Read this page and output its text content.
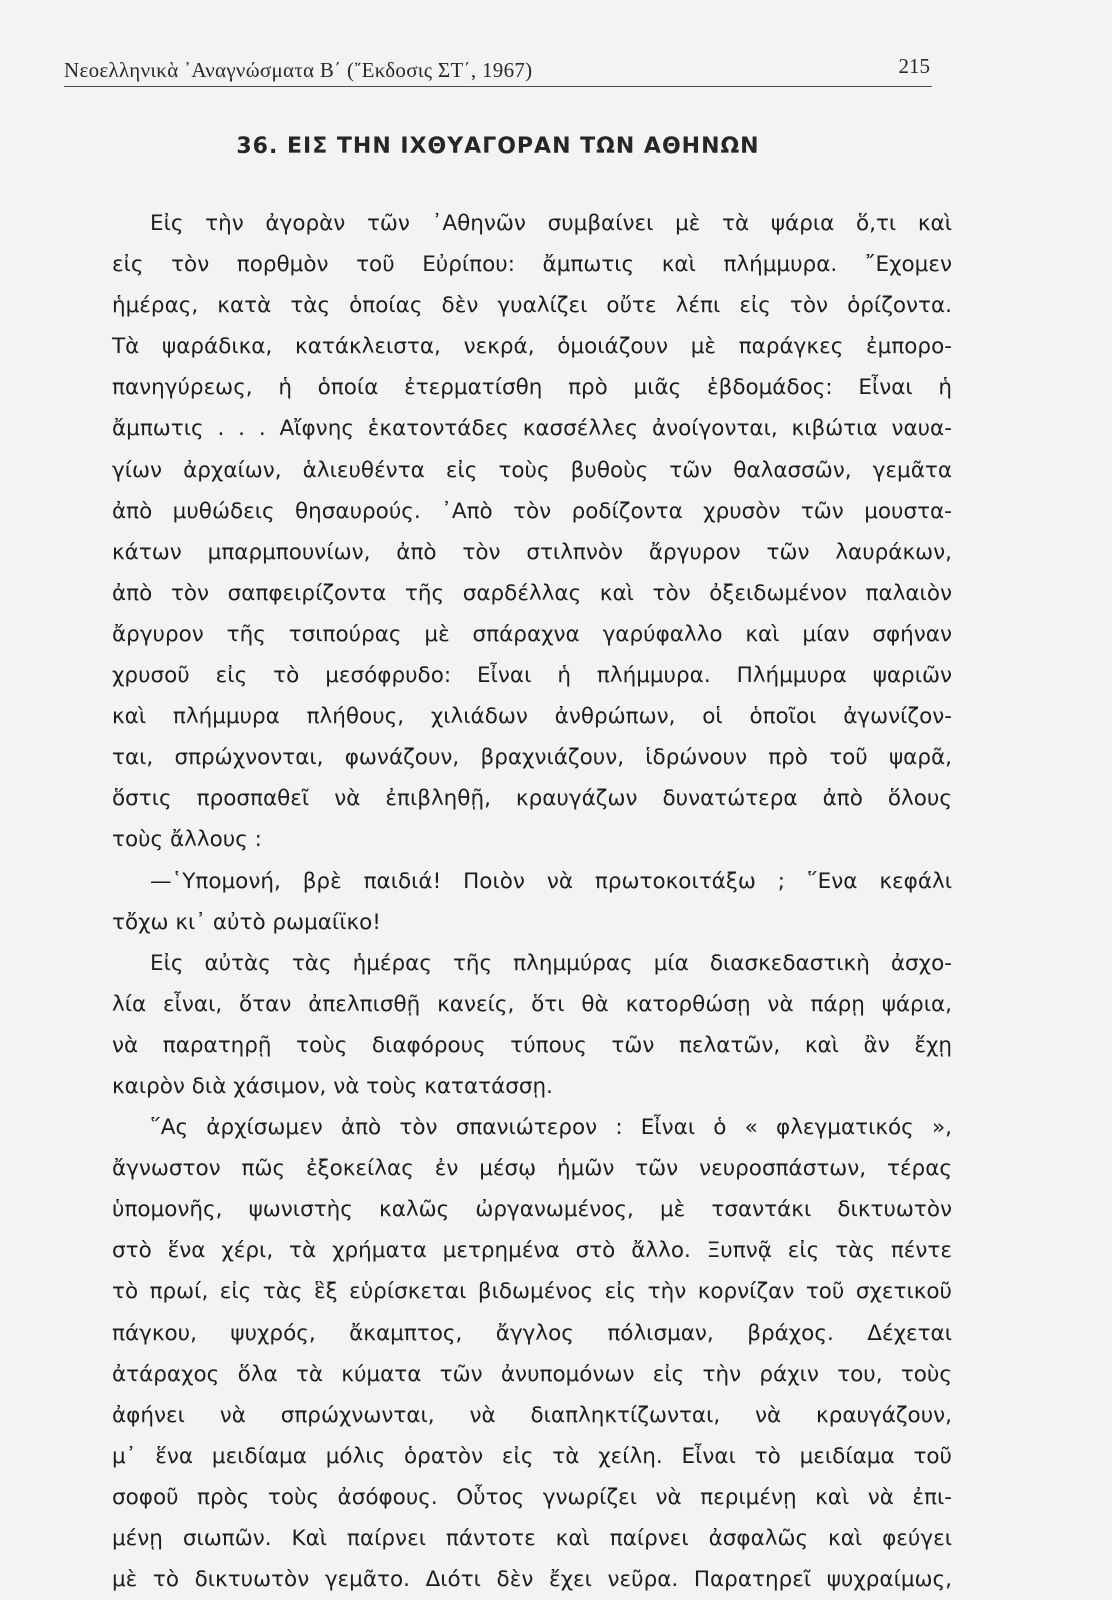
Νεοελληνικὰ ᾿Αναγνώσματα Β΄ (῎Εκδοσις ΣΤ΄, 1967)	215
36. ΕΙΣ ΤΗΝ ΙΧΘΥΑΓΟΡΑΝ ΤΩΝ ΑΘΗΝΩΝ
Εἰς τὴν ἀγορὰν τῶν ᾿Αθηνῶν συμβαίνει μὲ τὰ ψάρια ὅ,τι καὶ
εἰς τὸν πορθμὸν τοῦ Εὐρίπου: ἄμπωτις καὶ πλήμμυρα. ῎Εχομεν
ἡμέρας, κατὰ τὰς ὁποίας δὲν γυαλίζει οὔτε λέπι εἰς τὸν ὁρίζοντα.
Τὰ ψαράδικα, κατάκλειστα, νεκρά, ὁμοιάζουν μὲ παράγκες ἐμπορο-
πανηγύρεως, ἡ ὁποία ἐτερματίσθη πρὸ μιᾶς ἑβδομάδος: Εἶναι ἡ
ἄμπωτις . . . Αἴφνης ἑκατοντάδες κασσέλλες ἀνοίγονται, κιβώτια ναυα-
γίων ἀρχαίων, ἁλιευθέντα εἰς τοὺς βυθοὺς τῶν θαλασσῶν, γεμᾶτα
ἀπὸ μυθώδεις θησαυρούς. ᾿Απὸ τὸν ροδίζοντα χρυσὸν τῶν μουστα-
κάτων μπαρμπουνίων, ἀπὸ τὸν στιλπνὸν ἄργυρον τῶν λαυράκων,
ἀπὸ τὸν σαπφειρίζοντα τῆς σαρδέλλας καὶ τὸν ὀξειδωμένον παλαιὸν
ἄργυρον τῆς τσιπούρας μὲ σπάραχνα γαρύφαλλο καὶ μίαν σφήναν
χρυσοῦ εἰς τὸ μεσόφρυδο: Εἶναι ἡ πλήμμυρα. Πλήμμυρα ψαριῶν
καὶ πλήμμυρα πλήθους, χιλιάδων ἀνθρώπων, οἱ ὁποῖοι ἀγωνίζον-
ται, σπρώχνονται, φωνάζουν, βραχνιάζουν, ἱδρώνουν πρὸ τοῦ ψαρᾶ,
ὅστις προσπαθεῖ νὰ ἐπιβληθῇ, κραυγάζων δυνατώτερα ἀπὸ ὅλους
τοὺς ἄλλους :
—῾Υπομονή, βρὲ παιδιά! Ποιὸν νὰ πρωτοκοιτάξω ; ῞Ενα κεφάλι
τὄχω κι᾿ αὐτὸ ρωμαίϊκο!
Εἰς αὐτὰς τὰς ἡμέρας τῆς πλημμύρας μία διασκεδαστικὴ ἀσχο-
λία εἶναι, ὅταν ἀπελπισθῇ κανείς, ὅτι θὰ κατορθώσῃ νὰ πάρῃ ψάρια,
νὰ παρατηρῇ τοὺς διαφόρους τύπους τῶν πελατῶν, καὶ ἂν ἔχῃ
καιρὸν διὰ χάσιμον, νὰ τοὺς κατατάσσῃ.
῞Ας ἀρχίσωμεν ἀπὸ τὸν σπανιώτερον : Εἶναι ὁ « φλεγματικός »,
ἄγνωστον πῶς ἐξοκείλας ἐν μέσῳ ἡμῶν τῶν νευροσπάστων, τέρας
ὑπομονῆς, ψωνιστὴς καλῶς ὠργανωμένος, μὲ τσαντάκι δικτυωτὸν
στὸ ἕνα χέρι, τὰ χρήματα μετρημένα στὸ ἄλλο. Ξυπνᾷ εἰς τὰς πέντε
τὸ πρωί, εἰς τὰς ἓξ εὑρίσκεται βιδωμένος εἰς τὴν κορνίζαν τοῦ σχετικοῦ
πάγκου, ψυχρός, ἄκαμπτος, ἄγγλος πόλισμαν, βράχος. Δέχεται
ἀτάραχος ὅλα τὰ κύματα τῶν ἀνυπομόνων εἰς τὴν ράχιν του, τοὺς
ἀφήνει νὰ σπρώχνωνται, νὰ διαπληκτίζωνται, νὰ κραυγάζουν,
μ᾿ ἕνα μειδίαμα μόλις ὁρατὸν εἰς τὰ χείλη. Εἶναι τὸ μειδίαμα τοῦ
σοφοῦ πρὸς τοὺς ἀσόφους. Οὗτος γνωρίζει νὰ περιμένῃ καὶ νὰ ἐπι-
μένῃ σιωπῶν. Καὶ παίρνει πάντοτε καὶ παίρνει ἀσφαλῶς καὶ φεύγει
μὲ τὸ δικτυωτὸν γεμᾶτο. Διότι δὲν ἔχει νεῦρα. Παρατηρεῖ ψυχραίμως,
